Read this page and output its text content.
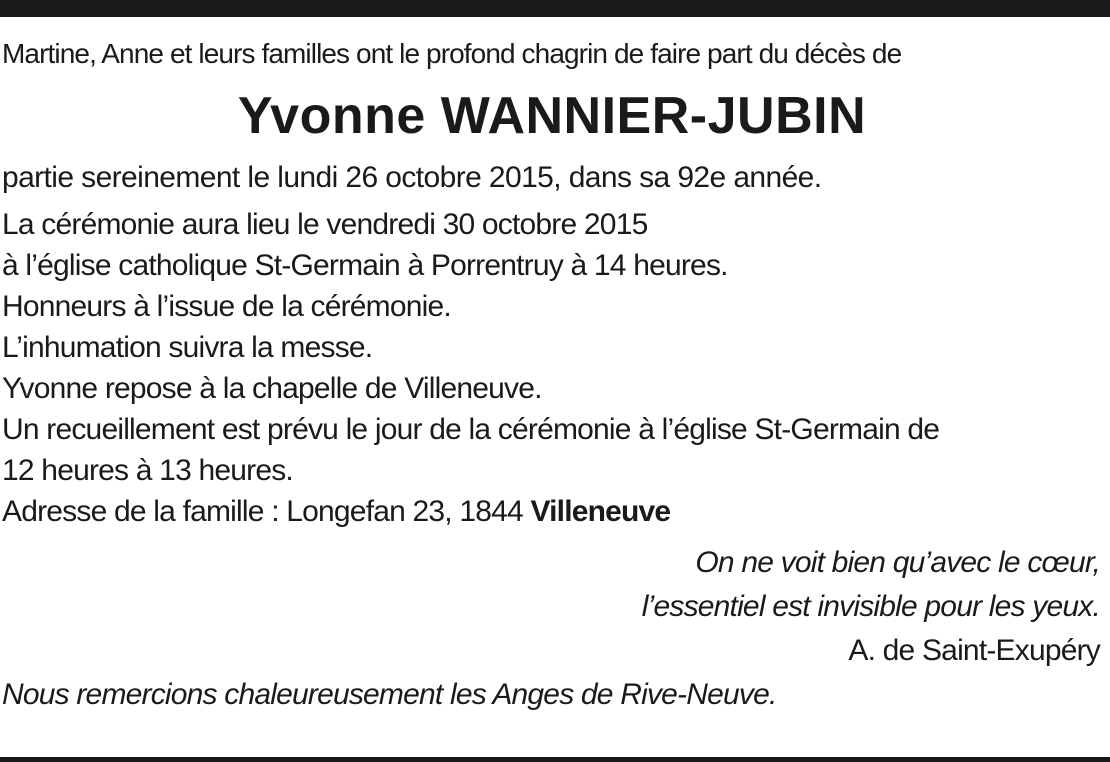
Martine, Anne et leurs familles ont le profond chagrin de faire part du décès de
Yvonne WANNIER-JUBIN
partie sereinement le lundi 26 octobre 2015, dans sa 92e année.
La cérémonie aura lieu le vendredi 30 octobre 2015
à l’église catholique St-Germain à Porrentruy à 14 heures.
Honneurs à l’issue de la cérémonie.
L’inhumation suivra la messe.
Yvonne repose à la chapelle de Villeneuve.
Un recueillement est prévu le jour de la cérémonie à l’église St-Germain de
12 heures à 13 heures.
Adresse de la famille : Longefan 23, 1844 Villeneuve
On ne voit bien qu’avec le cœur,
l’essentiel est invisible pour les yeux.
A. de Saint-Exupéry
Nous remercions chaleureusement les Anges de Rive-Neuve.
